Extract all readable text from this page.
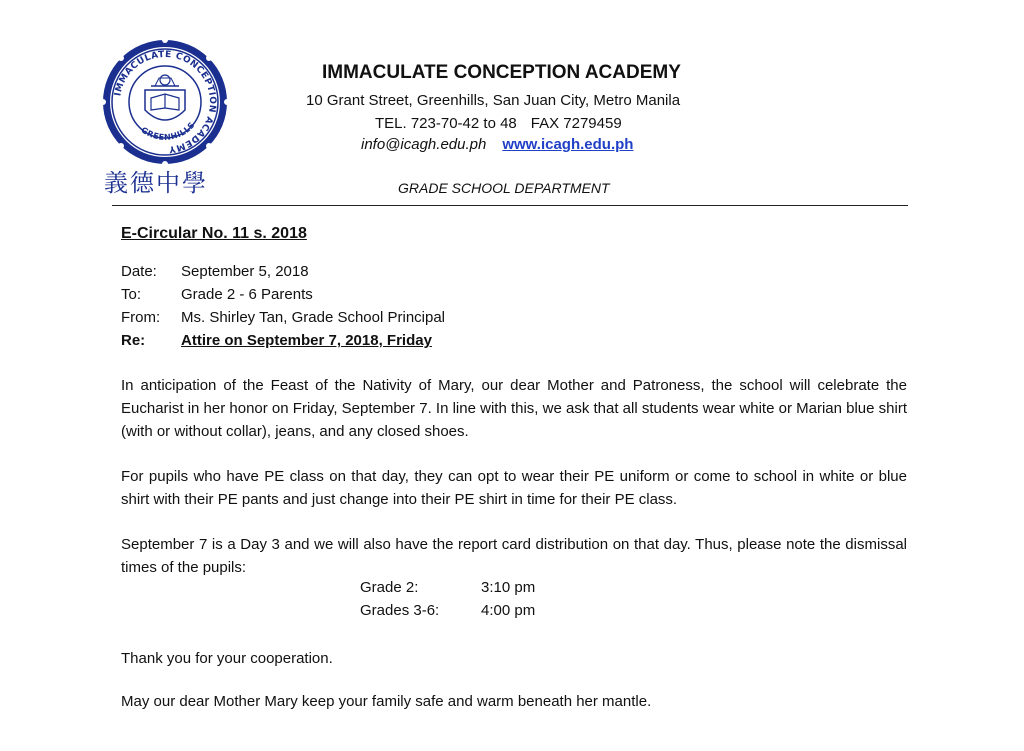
IMMACULATE CONCEPTION ACADEMY
GREENHILLS
義德中學
IMMACULATE CONCEPTION ACADEMY
10 Grant Street, Greenhills, San Juan City, Metro Manila
TEL. 723-70-42 to 48 FAX 7279459
info@icagh.edu.ph www.icagh.edu.ph
GRADE SCHOOL DEPARTMENT
E-Circular No. 11 s. 2018
Date: September 5, 2018
To:	Grade 2 - 6 Parents
From: Ms. Shirley Tan, Grade School Principal
Re: Attire on September 7, 2018, Friday

In anticipation of the Feast of the Nativity of Mary, our dear Mother and Patroness, the school will celebrate the Eucharist in her honor on Friday, September 7. In line with this, we ask that all students wear white or Marian blue shirt (with or without collar), jeans, and any closed shoes.

For pupils who have PE class on that day, they can opt to wear their PE uniform or come to school in white or blue shirt with their PE pants and just change into their PE shirt in time for their PE class.

September 7 is a Day 3 and we will also have the report card distribution on that day. Thus, please note the dismissal times of the pupils:

Grade 2:	3:10 pm
Grades 3-6:	4:00 pm

Thank you for your cooperation.

May our dear Mother Mary keep your family safe and warm beneath her mantle.
